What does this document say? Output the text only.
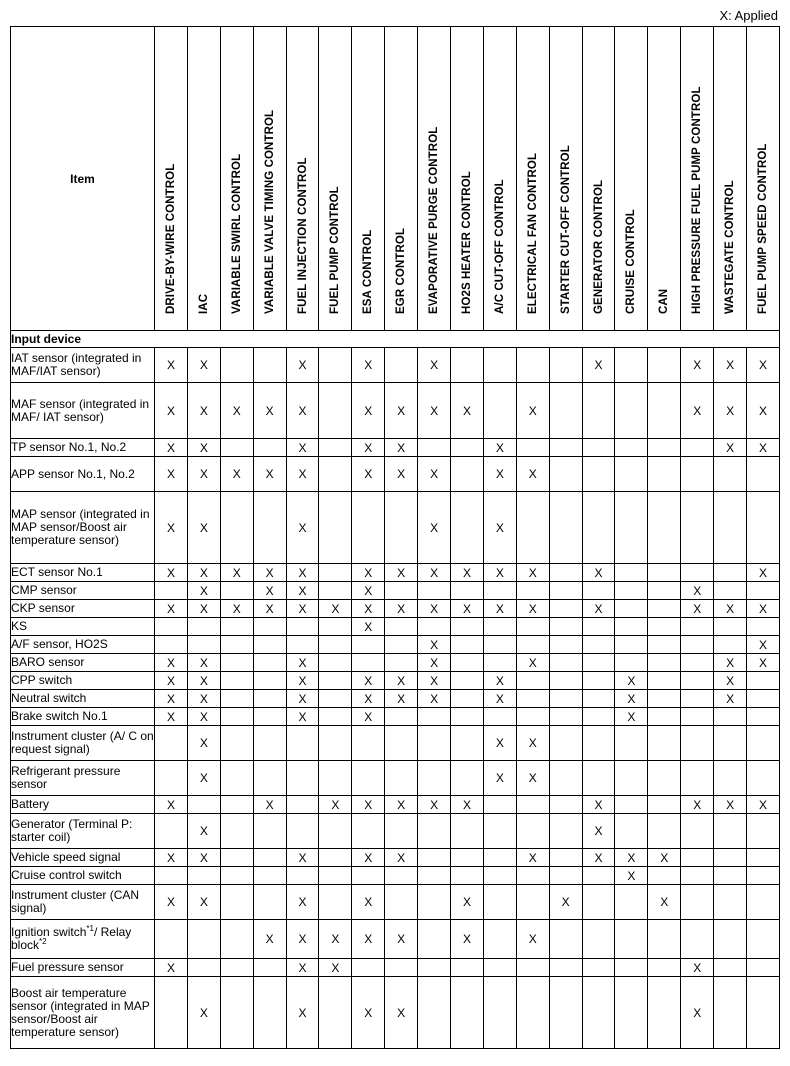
X: Applied
Item	DRIVE-BY-WIRE CONTROL	IAC	VARIABLE SWIRL CONTROL	VARIABLE VALVE TIMING CONTROL	FUEL INJECTION CONTROL	FUEL PUMP CONTROL	ESA CONTROL	EGR CONTROL	EVAPORATIVE PURGE CONTROL	HO2S HEATER CONTROL	A/C CUT-OFF CONTROL	ELECTRICAL FAN CONTROL	STARTER CUT-OFF CONTROL	GENERATOR CONTROL	CRUISE CONTROL	CAN	HIGH PRESSURE FUEL PUMP CONTROL	WASTEGATE CONTROL	FUEL PUMP SPEED CONTROL

Input device																			
IAT sensor (integrated in MAF/IAT sensor)	X	X			X		X		X					X			X	X	X
MAF sensor (integrated in MAF/ IAT sensor)	X	X	X	X	X		X	X	X	X		X					X	X	X
TP sensor No.1, No.2	X	X			X		X	X			X							X	X
APP sensor No.1, No.2	X	X	X	X	X		X	X	X		X	X							
MAP sensor (integrated in MAP sensor/Boost air temperature sensor)	X	X			X				X		X								
ECT sensor No.1	X	X	X	X	X		X	X	X	X	X	X		X					X
CMP sensor		X		X	X		X										X		
CKP sensor	X	X	X	X	X	X	X	X	X	X	X	X		X			X	X	X
KS							X												
A/F sensor, HO2S									X										X
BARO sensor	X	X			X				X			X						X	X
CPP switch	X	X			X		X	X	X		X				X			X	
Neutral switch	X	X			X		X	X	X		X				X			X	
Brake switch No.1	X	X			X		X								X				
Instrument cluster (A/ C on request signal)		X									X	X							
Refrigerant pressure sensor		X									X	X							
Battery	X			X		X	X	X	X	X				X			X	X	X
Generator (Terminal P: starter coil)		X												X					
Vehicle speed signal	X	X			X		X	X				X		X	X	X			
Cruise control switch															X				
Instrument cluster (CAN signal)	X	X			X		X			X			X			X			
Ignition switch$^{*1}$/ Relay block$^{*2}$				X	X	X	X	X		X		X							
Fuel pressure sensor	X				X	X											X		
Boost air temperature sensor (integrated in MAP sensor/Boost air temperature sensor)		X			X		X	X									X		
